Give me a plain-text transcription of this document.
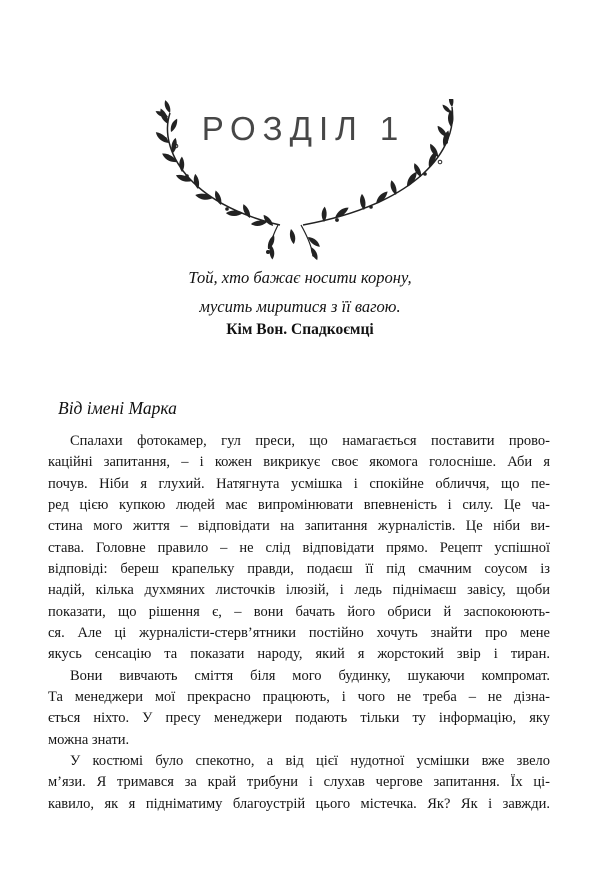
РОЗДІЛ 1
Той, хто бажає носити корону,
мусить миритися з її вагою.
Кім Вон. Спадкоємці
Від імені Марка
Спалахи фотокамер, гул преси, що намагається поставити прово-
каційні запитання, – і кожен викрикує своє якомога голосніше. Аби я
почув. Ніби я глухий. Натягнута усмішка і спокійне обличчя, що пе-
ред цією купкою людей має випромінювати впевненість і силу. Це ча-
стина мого життя – відповідати на запитання журналістів. Це ніби ви-
става. Головне правило – не слід відповідати прямо. Рецепт успішної
відповіді: береш крапельку правди, подаєш її під смачним соусом із
надій, кілька духмяних листочків ілюзій, і ледь піднімаєш завісу, щоби
показати, що рішення є, – вони бачать його обриси й заспокоюють-
ся. Але ці журналісти-стерв’ятники постійно хочуть знайти про мене
якусь сенсацію та показати народу, який я жорстокий звір і тиран.
Вони вивчають сміття біля мого будинку, шукаючи компромат.
Та менеджери мої прекрасно працюють, і чого не треба – не дізна-
ється ніхто. У пресу менеджери подають тільки ту інформацію, яку
можна знати.
У костюмі було спекотно, а від цієї нудотної усмішки вже звело
м’язи. Я тримався за край трибуни і слухав чергове запитання. Їх ці-
кавило, як я підніматиму благоустрій цього містечка. Як? Як і завжди.
